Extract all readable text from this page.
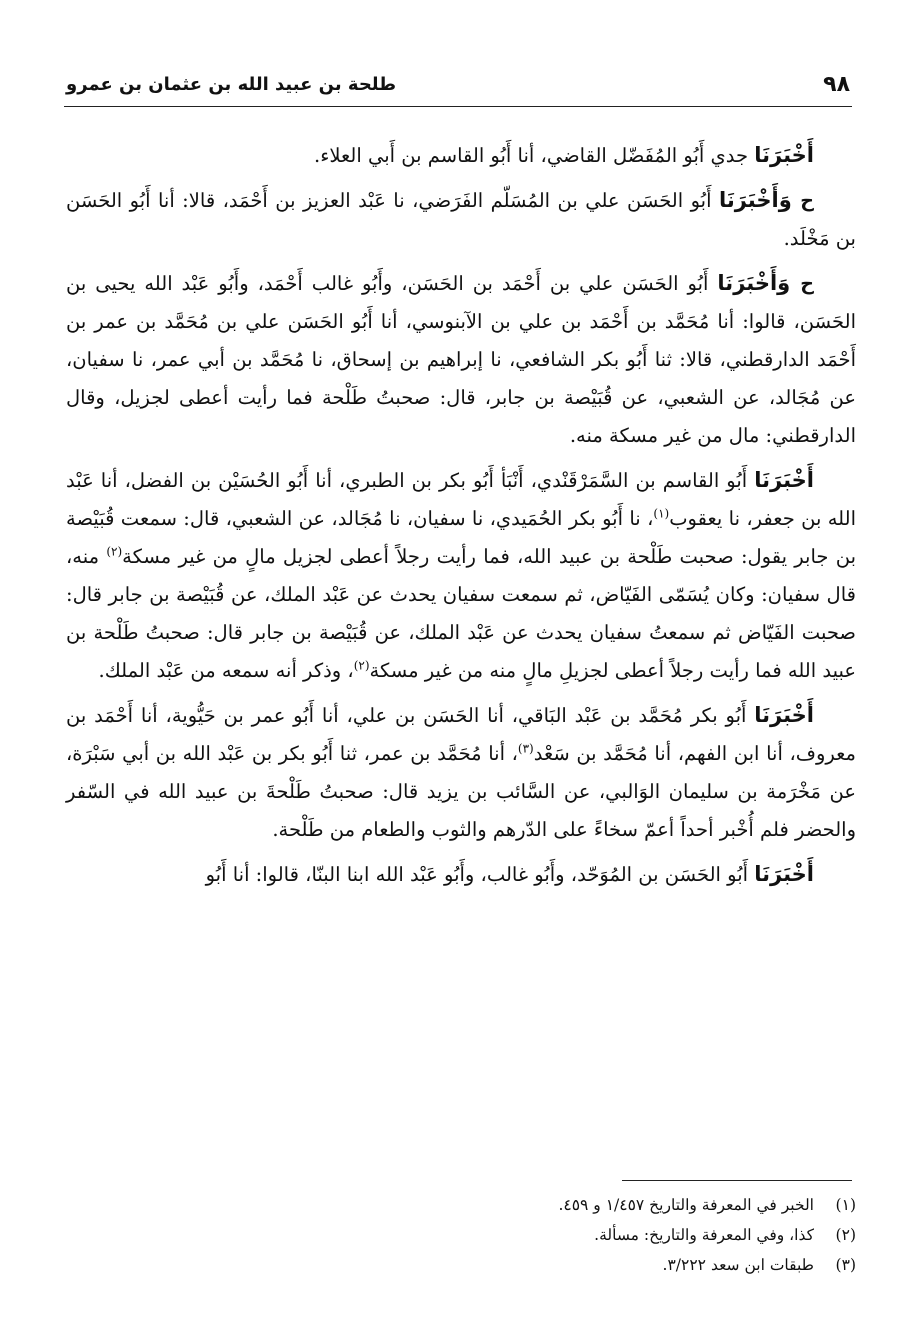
٩٨
طلحة بن عبيد الله بن عثمان بن عمرو

أَخْبَرَنَا جدي أَبُو المُفَضّل القاضي، أنا أَبُو القاسم بن أَبي العلاء.

ح وَأَخْبَرَنَا أَبُو الحَسَن علي بن المُسَلّم الفَرَضي، نا عَبْد العزيز بن أَحْمَد، قالا: أنا أَبُو الحَسَن بن مَخْلَد.

ح وَأَخْبَرَنَا أَبُو الحَسَن علي بن أَحْمَد بن الحَسَن، وأَبُو غالب أَحْمَد، وأَبُو عَبْد الله يحيى بن الحَسَن، قالوا: أنا مُحَمَّد بن أَحْمَد بن علي بن الآبنوسي، أنا أَبُو الحَسَن علي بن مُحَمَّد بن عمر بن أَحْمَد الدارقطني، قالا: ثنا أَبُو بكر الشافعي، نا إبراهيم بن إسحاق، نا مُحَمَّد بن أبي عمر، نا سفيان، عن مُجَالد، عن الشعبي، عن قُبَيْصة بن جابر، قال: صحبتُ طَلْحة فما رأيت أعطى لجزيل، وقال الدارقطني: مال من غير مسكة منه.

أَخْبَرَنَا أَبُو القاسم بن السَّمَرْقَنْدي، أَنْبَأ أَبُو بكر بن الطبري، أنا أَبُو الحُسَيْن بن الفضل، أنا عَبْد الله بن جعفر، نا يعقوب$^{(١)}$، نا أَبُو بكر الحُمَيدي، نا سفيان، نا مُجَالد، عن الشعبي، قال: سمعت قُبَيْصة بن جابر يقول: صحبت طَلْحة بن عبيد الله، فما رأيت رجلاً أعطى لجزيل مالٍ من غير مسكة$^{(٢)}$ منه، قال سفيان: وكان يُسَمّى الفَيّاض، ثم سمعت سفيان يحدث عن عَبْد الملك، عن قُبَيْصة بن جابر قال: صحبت الفَيّاض ثم سمعتُ سفيان يحدث عن عَبْد الملك، عن قُبَيْصة بن جابر قال: صحبتُ طَلْحة بن عبيد الله فما رأيت رجلاً أعطى لجزيلِ مالٍ منه من غير مسكة$^{(٢)}$، وذكر أنه سمعه من عَبْد الملك.

أَخْبَرَنَا أَبُو بكر مُحَمَّد بن عَبْد البَاقي، أنا الحَسَن بن علي، أنا أَبُو عمر بن حَيُّوية، أنا أَحْمَد بن معروف، أنا ابن الفهم، أنا مُحَمَّد بن سَعْد$^{(٣)}$، أنا مُحَمَّد بن عمر، ثنا أَبُو بكر بن عَبْد الله بن أبي سَبْرَة، عن مَخْرَمة بن سليمان الوَالبي، عن السَّائب بن يزيد قال: صحبتُ طَلْحةَ بن عبيد الله في السّفر والحضر فلم أُخْبر أحداً أعمّ سخاءً على الدّرهم والثوب والطعام من طَلْحة.

أَخْبَرَنَا أَبُو الحَسَن بن المُوَحّد، وأَبُو غالب، وأَبُو عَبْد الله ابنا البنّا، قالوا: أنا أَبُو

(١)
الخبر في المعرفة والتاريخ ١/٤٥٧ و ٤٥٩.
(٢)
كذا، وفي المعرفة والتاريخ: مسألة.
(٣)
طبقات ابن سعد ٣/٢٢٢.
